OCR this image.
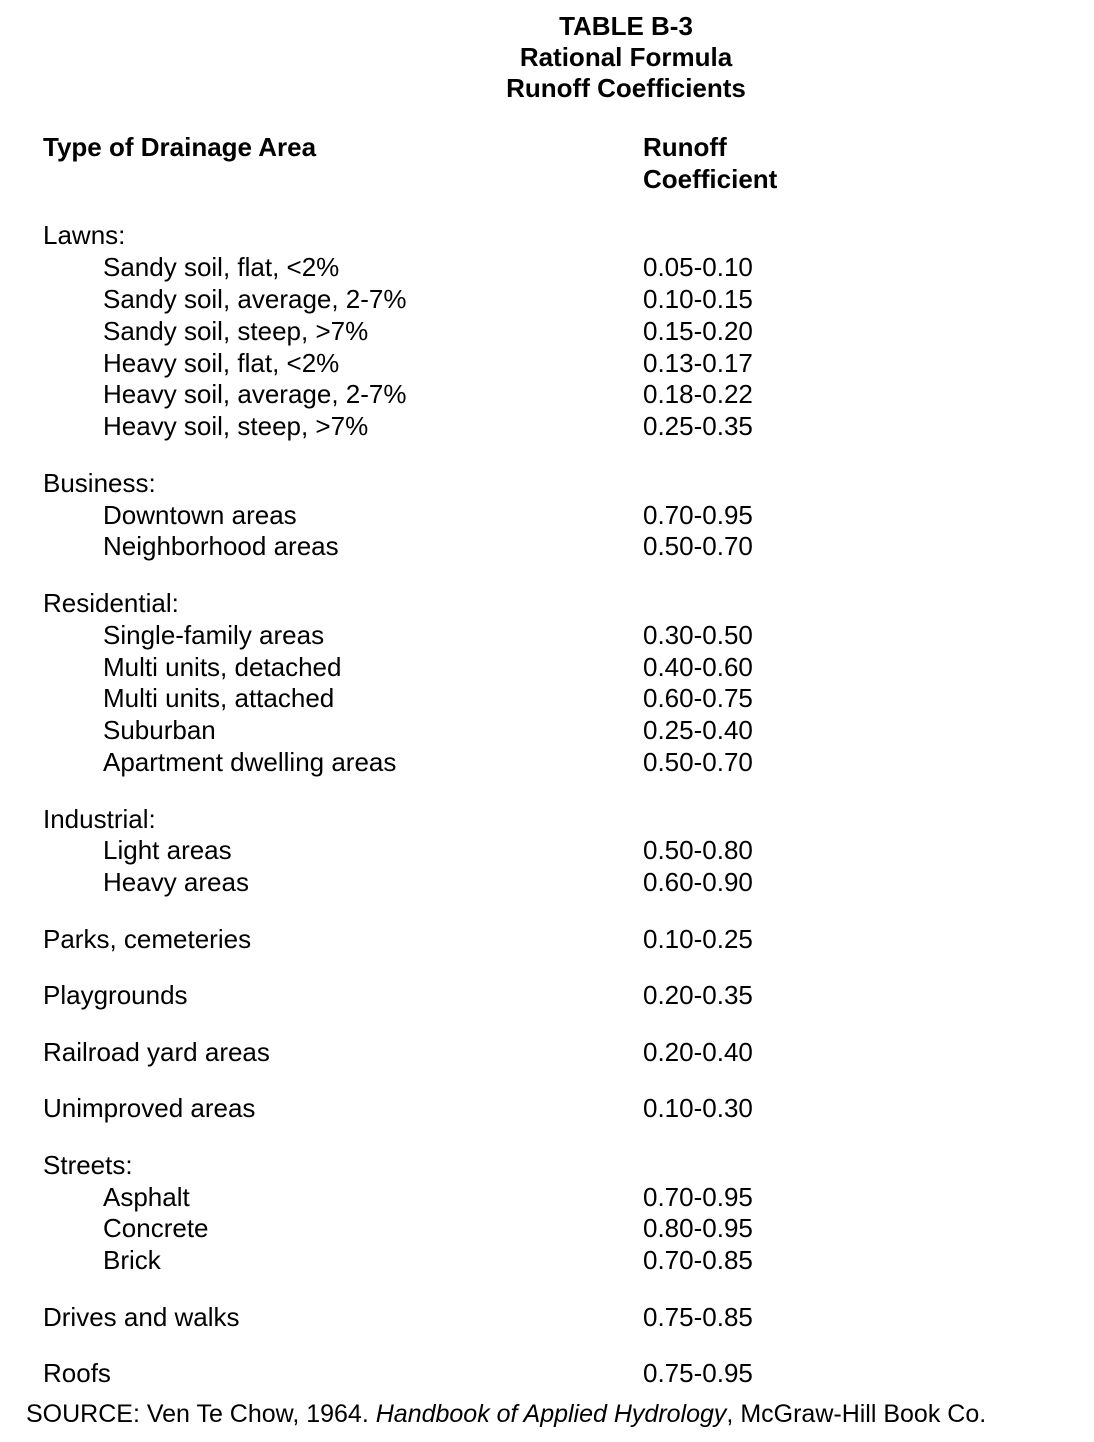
TABLE B-3
Rational Formula
Runoff Coefficients
Type of Drainage Area	Runoff
Coefficient
Lawns:
Sandy soil, flat, <2%	0.05-0.10
Sandy soil, average, 2-7%	0.10-0.15
Sandy soil, steep, >7%	0.15-0.20
Heavy soil, flat, <2%	0.13-0.17
Heavy soil, average, 2-7%	0.18-0.22
Heavy soil, steep, >7%	0.25-0.35
Business:
Downtown areas	0.70-0.95
Neighborhood areas	0.50-0.70
Residential:
Single-family areas	0.30-0.50
Multi units, detached	0.40-0.60
Multi units, attached	0.60-0.75
Suburban	0.25-0.40
Apartment dwelling areas	0.50-0.70
Industrial:
Light areas	0.50-0.80
Heavy areas	0.60-0.90
Parks, cemeteries	0.10-0.25
Playgrounds	0.20-0.35
Railroad yard areas	0.20-0.40
Unimproved areas	0.10-0.30
Streets:
Asphalt	0.70-0.95
Concrete	0.80-0.95
Brick	0.70-0.85
Drives and walks	0.75-0.85
Roofs	0.75-0.95
SOURCE: Ven Te Chow, 1964. Handbook of Applied Hydrology, McGraw-Hill Book Co.
